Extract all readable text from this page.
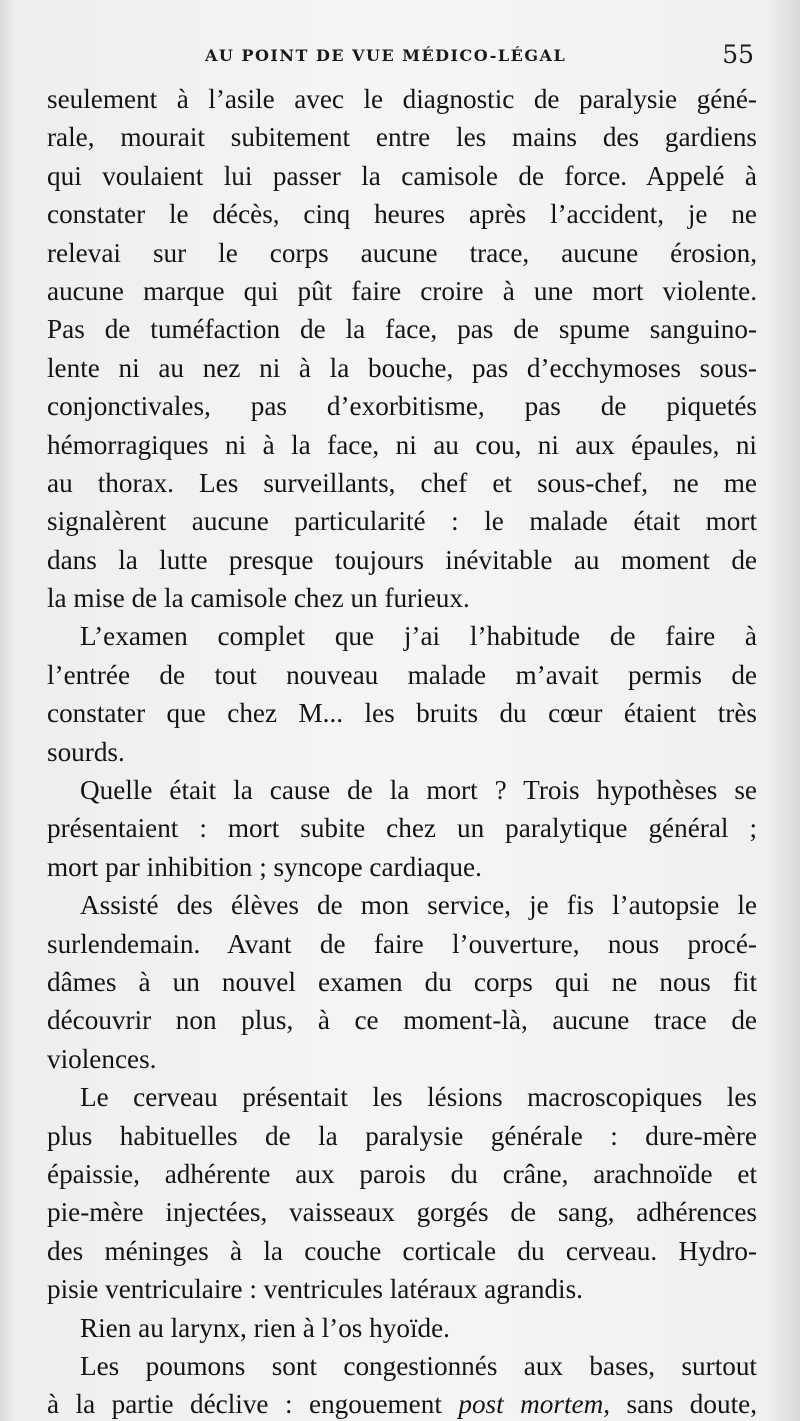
AU POINT DE VUE MÉDICO-LÉGAL	55
seulement à l’asile avec le diagnostic de paralysie géné-
rale, mourait subitement entre les mains des gardiens
qui voulaient lui passer la camisole de force. Appelé à
constater le décès, cinq heures après l’accident, je ne
relevai sur le corps aucune trace, aucune érosion,
aucune marque qui pût faire croire à une mort violente.
Pas de tuméfaction de la face, pas de spume sanguino-
lente ni au nez ni à la bouche, pas d’ecchymoses sous-
conjonctivales, pas d’exorbitisme, pas de piquetés
hémorragiques ni à la face, ni au cou, ni aux épaules, ni
au thorax. Les surveillants, chef et sous-chef, ne me
signalèrent aucune particularité : le malade était mort
dans la lutte presque toujours inévitable au moment de
la mise de la camisole chez un furieux.
L’examen complet que j’ai l’habitude de faire à
l’entrée de tout nouveau malade m’avait permis de
constater que chez M... les bruits du cœur étaient très
sourds.
Quelle était la cause de la mort ? Trois hypothèses se
présentaient : mort subite chez un paralytique général ;
mort par inhibition ; syncope cardiaque.
Assisté des élèves de mon service, je fis l’autopsie le
surlendemain. Avant de faire l’ouverture, nous procé-
dâmes à un nouvel examen du corps qui ne nous fit
découvrir non plus, à ce moment-là, aucune trace de
violences.
Le cerveau présentait les lésions macroscopiques les
plus habituelles de la paralysie générale : dure-mère
épaissie, adhérente aux parois du crâne, arachnoïde et
pie-mère injectées, vaisseaux gorgés de sang, adhérences
des méninges à la couche corticale du cerveau. Hydro-
pisie ventriculaire : ventricules latéraux agrandis.
Rien au larynx, rien à l’os hyoïde.
Les poumons sont congestionnés aux bases, surtout
à la partie déclive : engouement post mortem, sans doute,
